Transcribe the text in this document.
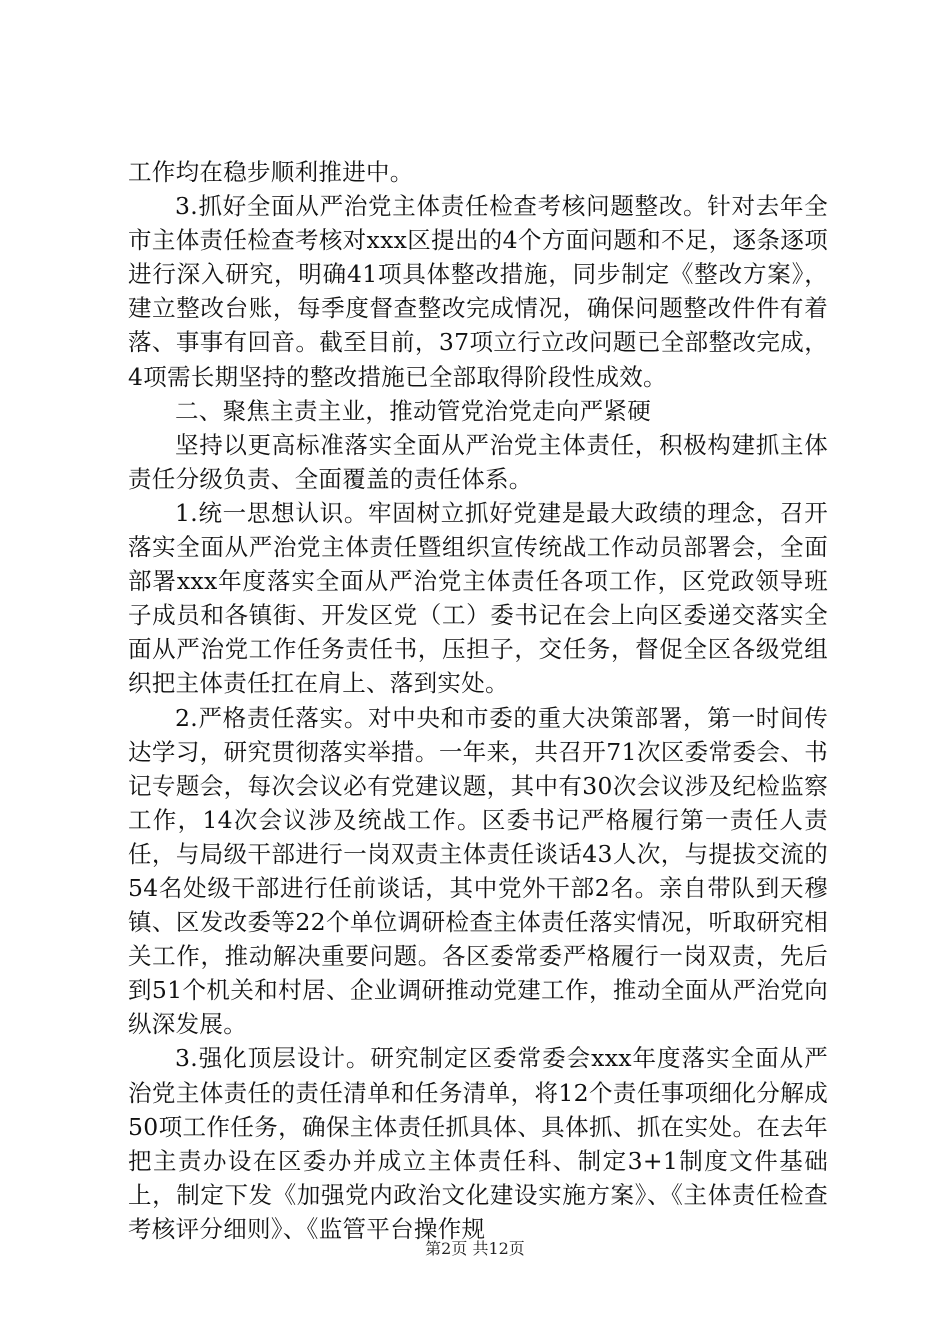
工作均在稳步顺利推进中。

3.抓好全面从严治党主体责任检查考核问题整改。针对去年全市主体责任检查考核对xxx区提出的4个方面问题和不足，逐条逐项进行深入研究，明确41项具体整改措施，同步制定《整改方案》，建立整改台账，每季度督查整改完成情况，确保问题整改件件有着落、事事有回音。截至目前，37项立行立改问题已全部整改完成，4项需长期坚持的整改措施已全部取得阶段性成效。

二、聚焦主责主业，推动管党治党走向严紧硬

坚持以更高标准落实全面从严治党主体责任，积极构建抓主体责任分级负责、全面覆盖的责任体系。

1.统一思想认识。牢固树立抓好党建是最大政绩的理念，召开落实全面从严治党主体责任暨组织宣传统战工作动员部署会，全面部署xxx年度落实全面从严治党主体责任各项工作，区党政领导班子成员和各镇街、开发区党（工）委书记在会上向区委递交落实全面从严治党工作任务责任书，压担子，交任务，督促全区各级党组织把主体责任扛在肩上、落到实处。

2.严格责任落实。对中央和市委的重大决策部署，第一时间传达学习，研究贯彻落实举措。一年来，共召开71次区委常委会、书记专题会，每次会议必有党建议题，其中有30次会议涉及纪检监察工作，14次会议涉及统战工作。区委书记严格履行第一责任人责任，与局级干部进行一岗双责主体责任谈话43人次，与提拔交流的54名处级干部进行任前谈话，其中党外干部2名。亲自带队到天穆镇、区发改委等22个单位调研检查主体责任落实情况，听取研究相关工作，推动解决重要问题。各区委常委严格履行一岗双责，先后到51个机关和村居、企业调研推动党建工作，推动全面从严治党向纵深发展。

3.强化顶层设计。研究制定区委常委会xxx年度落实全面从严治党主体责任的责任清单和任务清单，将12个责任事项细化分解成50项工作任务，确保主体责任抓具体、具体抓、抓在实处。在去年把主责办设在区委办并成立主体责任科、制定3+1制度文件基础上，制定下发《加强党内政治文化建设实施方案》、《主体责任检查考核评分细则》、《监管平台操作规

第2页 共12页
